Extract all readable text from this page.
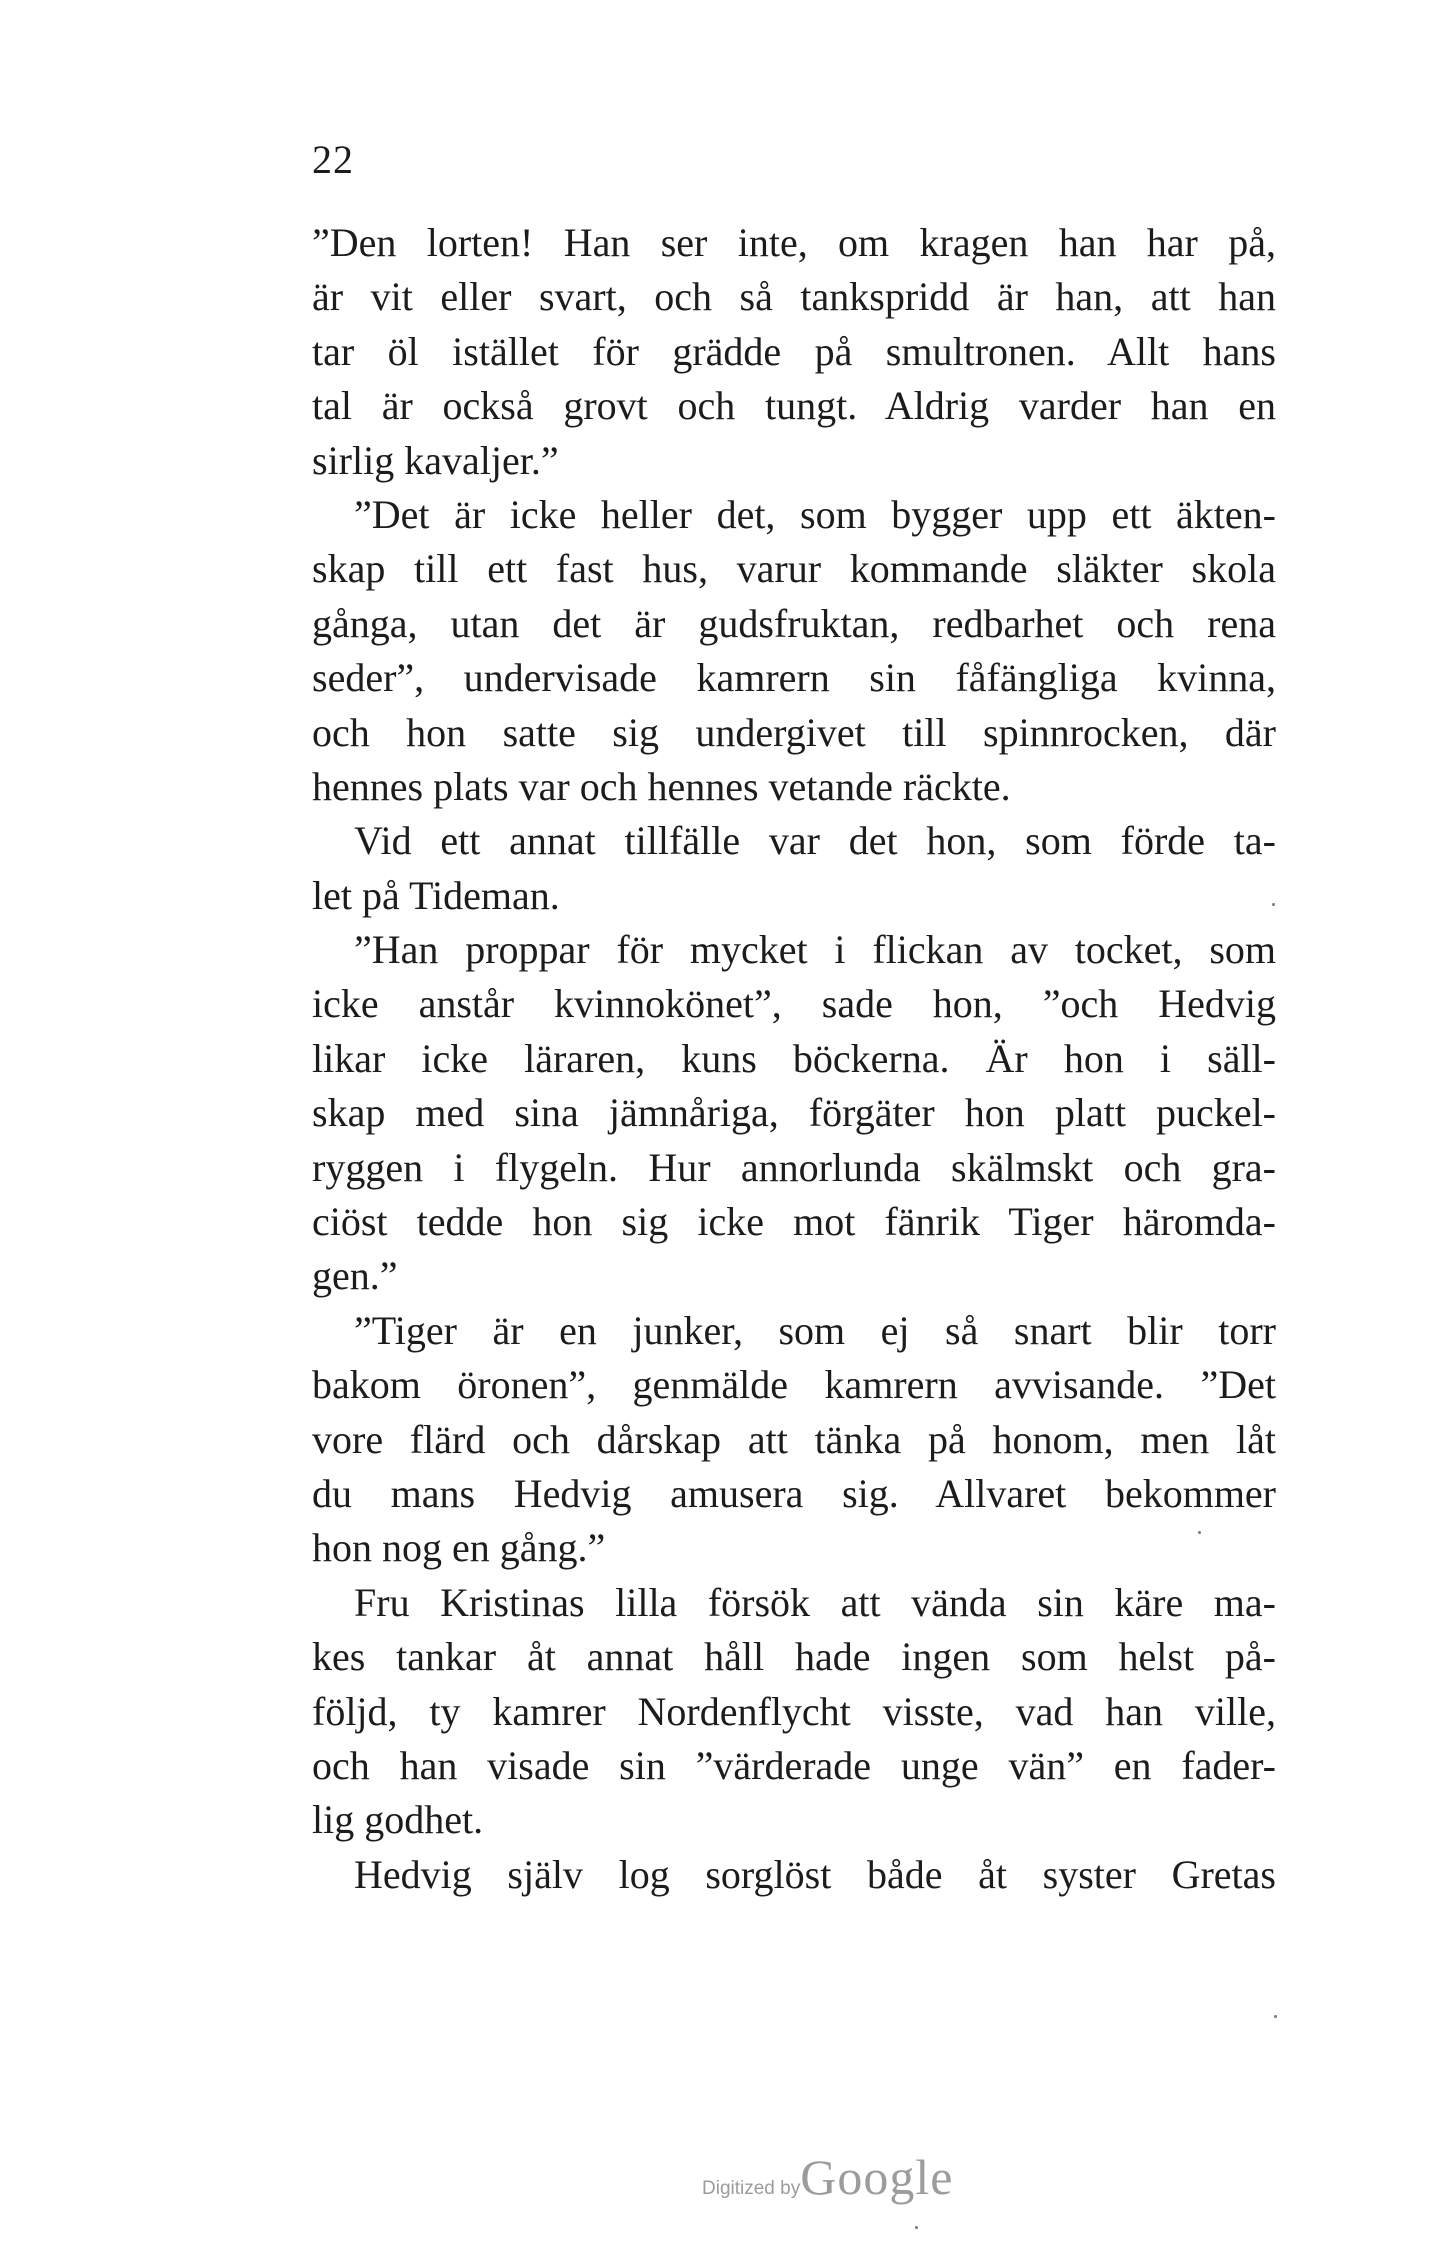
22
”Den lorten! Han ser inte, om kragen han har på,
är vit eller svart, och så tankspridd är han, att han
tar öl istället för grädde på smultronen. Allt hans
tal är också grovt och tungt. Aldrig varder han en
sirlig kavaljer.”
”Det är icke heller det, som bygger upp ett äkten-
skap till ett fast hus, varur kommande släkter skola
gånga, utan det är gudsfruktan, redbarhet och rena
seder”, undervisade kamrern sin fåfängliga kvinna,
och hon satte sig undergivet till spinnrocken, där
hennes plats var och hennes vetande räckte.
Vid ett annat tillfälle var det hon, som förde ta-
let på Tideman.
”Han proppar för mycket i flickan av tocket, som
icke anstår kvinnokönet”, sade hon, ”och Hedvig
likar icke läraren, kuns böckerna. Är hon i säll-
skap med sina jämnåriga, förgäter hon platt puckel-
ryggen i flygeln. Hur annorlunda skälmskt och gra-
ciöst tedde hon sig icke mot fänrik Tiger häromda-
gen.”
”Tiger är en junker, som ej så snart blir torr
bakom öronen”, genmälde kamrern avvisande. ”Det
vore flärd och dårskap att tänka på honom, men låt
du mans Hedvig amusera sig. Allvaret bekommer
hon nog en gång.”
Fru Kristinas lilla försök att vända sin käre ma-
kes tankar åt annat håll hade ingen som helst på-
följd, ty kamrer Nordenflycht visste, vad han ville,
och han visade sin ”värderade unge vän” en fader-
lig godhet.
Hedvig själv log sorglöst både åt syster Gretas
Digitized byGoogle
